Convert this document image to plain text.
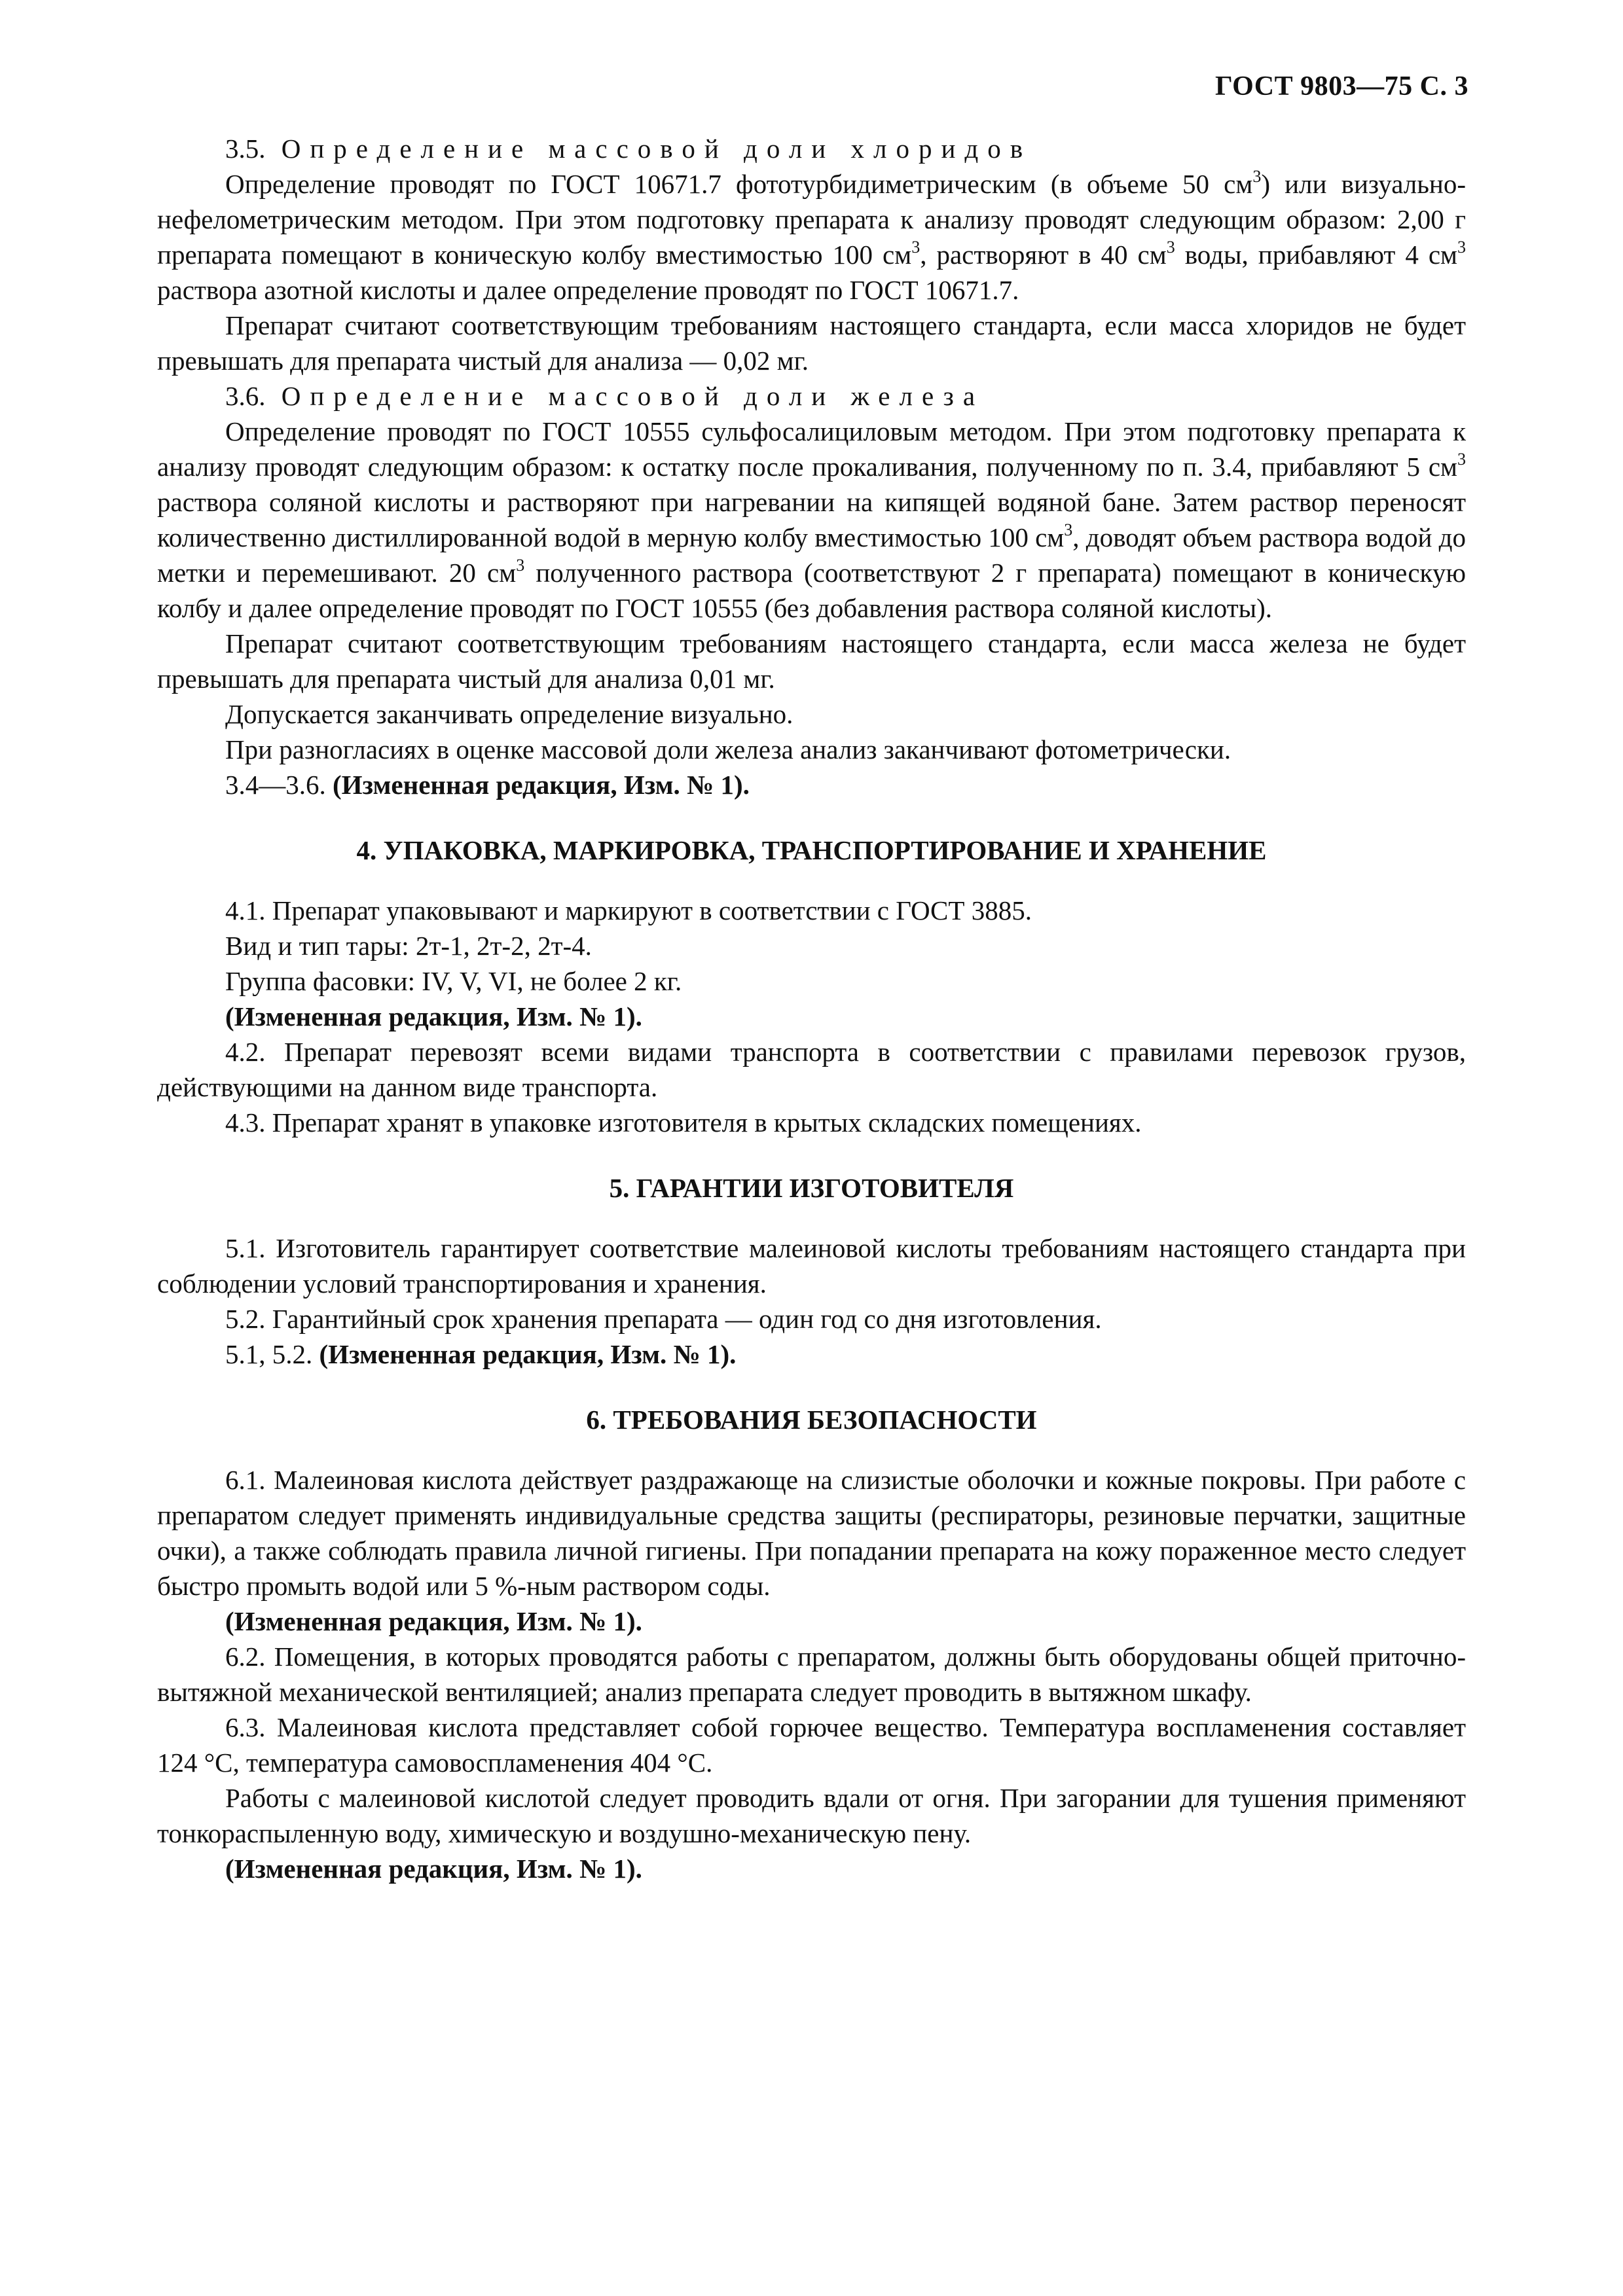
ГОСТ 9803—75 С. 3

3.5. Определение массовой доли хлоридов

Определение проводят по ГОСТ 10671.7 фототурбидиметрическим (в объеме 50 $см^3$) или визуально-нефелометрическим методом. При этом подготовку препарата к анализу проводят следующим образом: 2,00 г препарата помещают в коническую колбу вместимостью 100 $см^3$, растворяют в 40 $см^3$ воды, прибавляют 4 $см^3$ раствора азотной кислоты и далее определение проводят по ГОСТ 10671.7.

Препарат считают соответствующим требованиям настоящего стандарта, если масса хлоридов не будет превышать для препарата чистый для анализа — 0,02 мг.

3.6. Определение массовой доли железа

Определение проводят по ГОСТ 10555 сульфосалициловым методом. При этом подготовку препарата к анализу проводят следующим образом: к остатку после прокаливания, полученному по п. 3.4, прибавляют 5 $см^3$ раствора соляной кислоты и растворяют при нагревании на кипящей водяной бане. Затем раствор переносят количественно дистиллированной водой в мерную колбу вместимостью 100 $см^3$, доводят объем раствора водой до метки и перемешивают. 20 $см^3$ полученного раствора (соответствуют 2 г препарата) помещают в коническую колбу и далее определение проводят по ГОСТ 10555 (без добавления раствора соляной кислоты).

Препарат считают соответствующим требованиям настоящего стандарта, если масса железа не будет превышать для препарата чистый для анализа 0,01 мг.

Допускается заканчивать определение визуально.

При разногласиях в оценке массовой доли железа анализ заканчивают фотометрически.

3.4—3.6. (Измененная редакция, Изм. № 1).

4. УПАКОВКА, МАРКИРОВКА, ТРАНСПОРТИРОВАНИЕ И ХРАНЕНИЕ

4.1. Препарат упаковывают и маркируют в соответствии с ГОСТ 3885.

Вид и тип тары: 2т-1, 2т-2, 2т-4.

Группа фасовки: IV, V, VI, не более 2 кг.

(Измененная редакция, Изм. № 1).

4.2. Препарат перевозят всеми видами транспорта в соответствии с правилами перевозок грузов, действующими на данном виде транспорта.

4.3. Препарат хранят в упаковке изготовителя в крытых складских помещениях.

5. ГАРАНТИИ ИЗГОТОВИТЕЛЯ

5.1. Изготовитель гарантирует соответствие малеиновой кислоты требованиям настоящего стандарта при соблюдении условий транспортирования и хранения.

5.2. Гарантийный срок хранения препарата — один год со дня изготовления.

5.1, 5.2. (Измененная редакция, Изм. № 1).

6. ТРЕБОВАНИЯ БЕЗОПАСНОСТИ

6.1. Малеиновая кислота действует раздражающе на слизистые оболочки и кожные покровы. При работе с препаратом следует применять индивидуальные средства защиты (респираторы, резиновые перчатки, защитные очки), а также соблюдать правила личной гигиены. При попадании препарата на кожу пораженное место следует быстро промыть водой или 5 %-ным раствором соды.

(Измененная редакция, Изм. № 1).

6.2. Помещения, в которых проводятся работы с препаратом, должны быть оборудованы общей приточно-вытяжной механической вентиляцией; анализ препарата следует проводить в вытяжном шкафу.

6.3. Малеиновая кислота представляет собой горючее вещество. Температура воспламенения составляет 124 °С, температура самовоспламенения 404 °С.

Работы с малеиновой кислотой следует проводить вдали от огня. При загорании для тушения применяют тонкораспыленную воду, химическую и воздушно-механическую пену.

(Измененная редакция, Изм. № 1).
